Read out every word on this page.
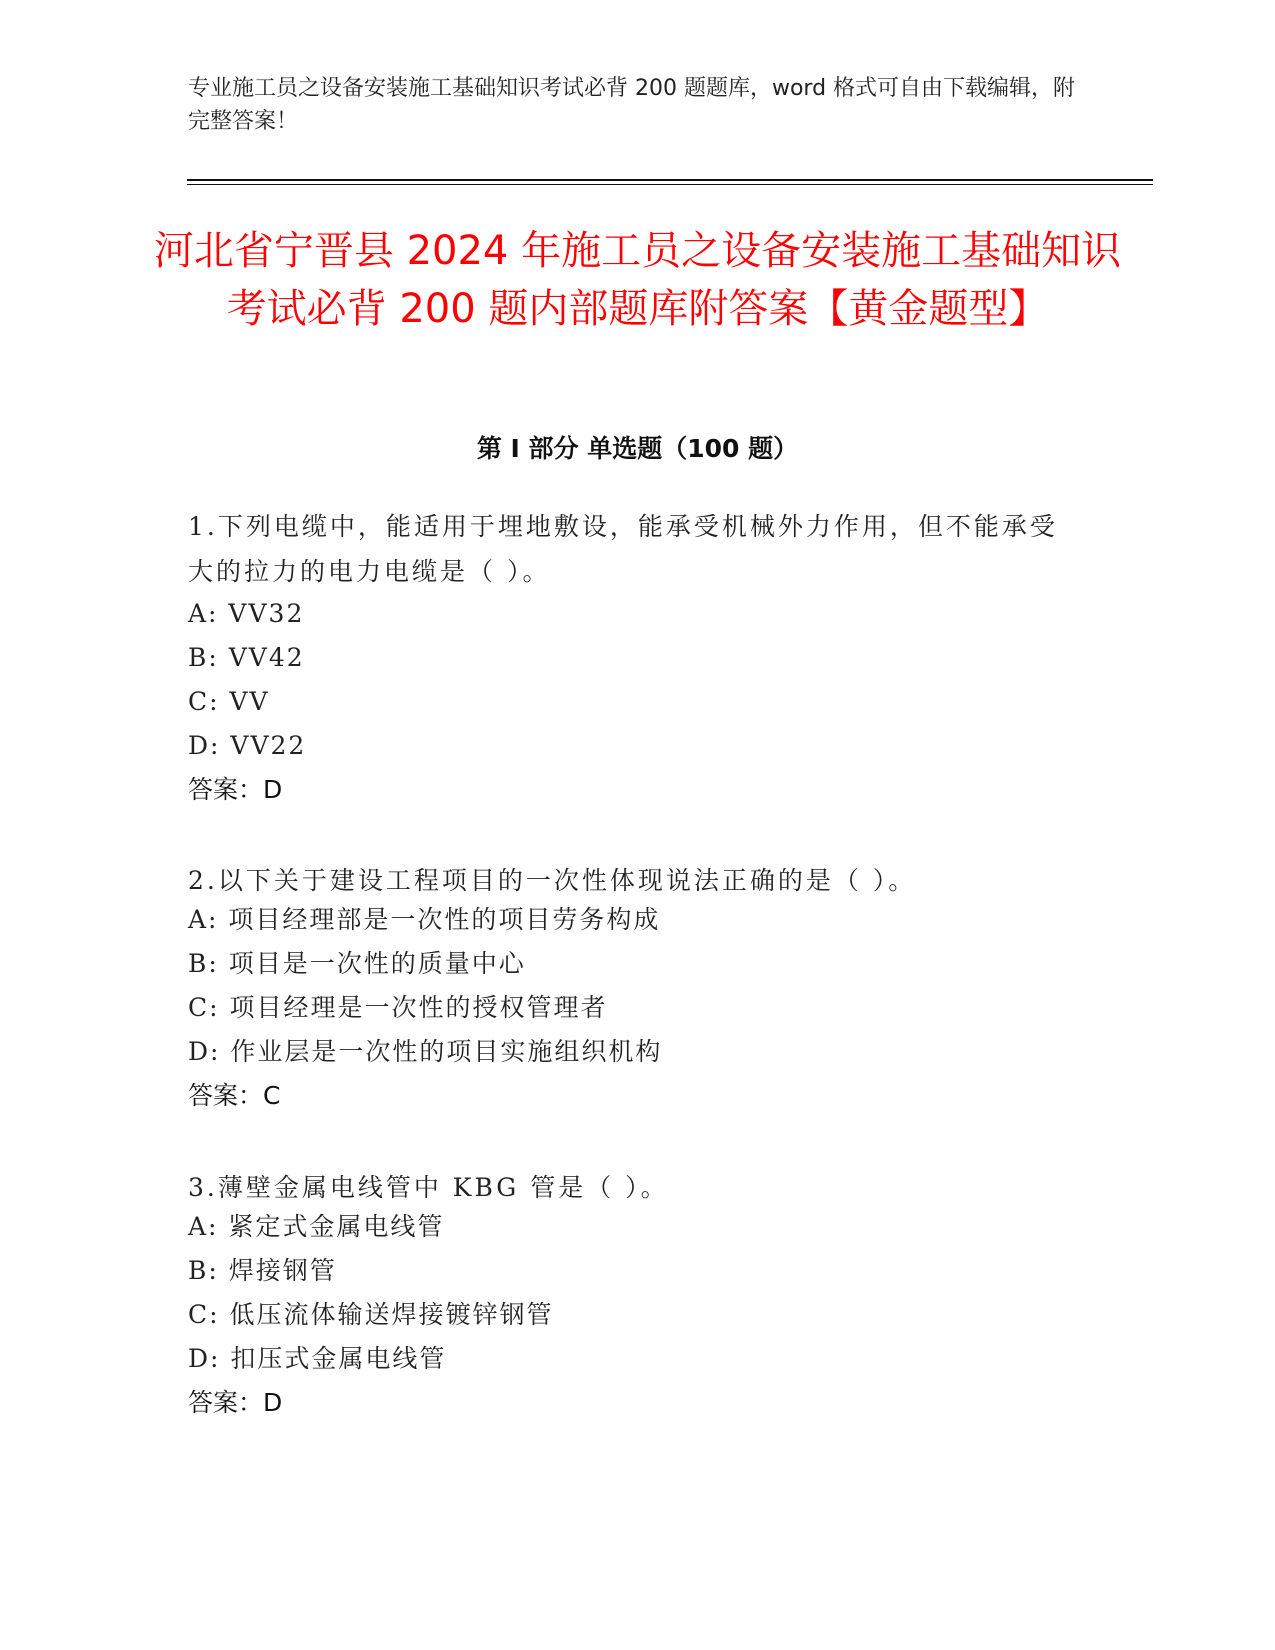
专业施工员之设备安装施工基础知识考试必背 200 题题库，word 格式可自由下载编辑，附完整答案！
河北省宁晋县 2024 年施工员之设备安装施工基础知识考试必背 200 题内部题库附答案【黄金题型】
第 I 部分 单选题（100 题）

1.下列电缆中，能适用于埋地敷设，能承受机械外力作用，但不能承受大的拉力的电力电缆是（ ）。

A: VV32
B: VV42
C: VV
D: VV22
答案：D

2.以下关于建设工程项目的一次性体现说法正确的是（ ）。

A: 项目经理部是一次性的项目劳务构成
B: 项目是一次性的质量中心
C: 项目经理是一次性的授权管理者
D: 作业层是一次性的项目实施组织机构
答案：C

3.薄壁金属电线管中 KBG 管是（ ）。

A: 紧定式金属电线管
B: 焊接钢管
C: 低压流体输送焊接镀锌钢管
D: 扣压式金属电线管
答案：D
